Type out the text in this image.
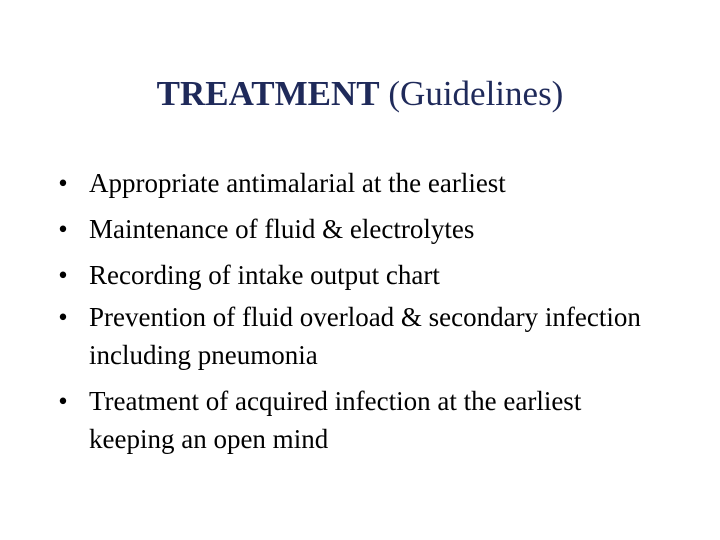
TREATMENT (Guidelines)
• Appropriate antimalarial at the earliest
• Maintenance of fluid & electrolytes
• Recording of intake output chart
• Prevention of fluid overload & secondary infection including pneumonia
• Treatment of acquired infection at the earliest keeping an open mind
